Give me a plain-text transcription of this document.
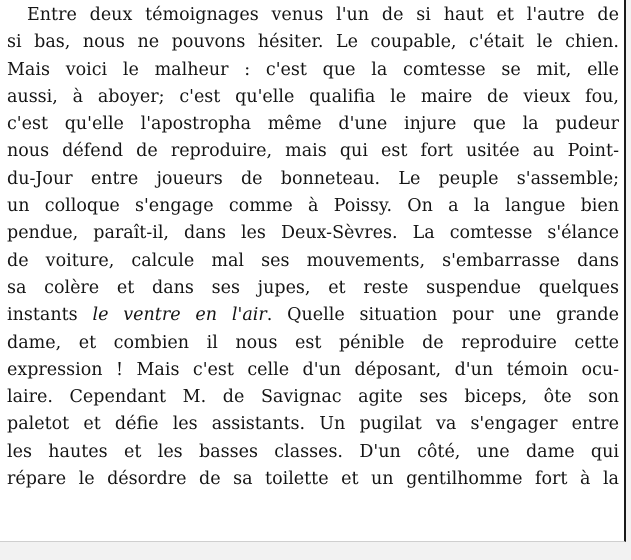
Entre deux témoignages venus l'un de si haut et l'autre de
si bas, nous ne pouvons hésiter. Le coupable, c'était le chien.
Mais voici le malheur : c'est que la comtesse se mit, elle
aussi, à aboyer; c'est qu'elle qualifia le maire de vieux fou,
c'est qu'elle l'apostropha même d'une injure que la pudeur
nous défend de reproduire, mais qui est fort usitée au Point-
du-Jour entre joueurs de bonneteau. Le peuple s'assemble;
un colloque s'engage comme à Poissy. On a la langue bien
pendue, paraît-il, dans les Deux-Sèvres. La comtesse s'élance
de voiture, calcule mal ses mouvements, s'embarrasse dans
sa colère et dans ses jupes, et reste suspendue quelques
instants le ventre en l'air. Quelle situation pour une grande
dame, et combien il nous est pénible de reproduire cette
expression ! Mais c'est celle d'un déposant, d'un témoin ocu-
laire. Cependant M. de Savignac agite ses biceps, ôte son
paletot et défie les assistants. Un pugilat va s'engager entre
les hautes et les basses classes. D'un côté, une dame qui
répare le désordre de sa toilette et un gentilhomme fort à la
